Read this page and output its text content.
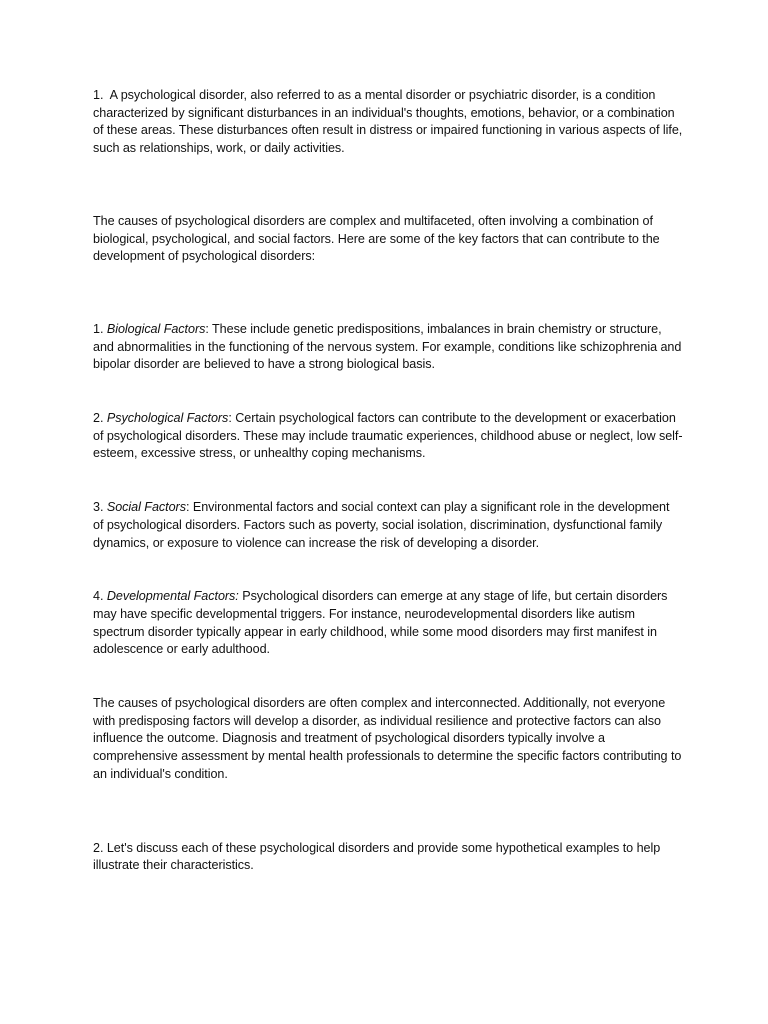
1. A psychological disorder, also referred to as a mental disorder or psychiatric disorder, is a condition characterized by significant disturbances in an individual's thoughts, emotions, behavior, or a combination of these areas. These disturbances often result in distress or impaired functioning in various aspects of life, such as relationships, work, or daily activities.

The causes of psychological disorders are complex and multifaceted, often involving a combination of biological, psychological, and social factors. Here are some of the key factors that can contribute to the development of psychological disorders:

1. Biological Factors: These include genetic predispositions, imbalances in brain chemistry or structure, and abnormalities in the functioning of the nervous system. For example, conditions like schizophrenia and bipolar disorder are believed to have a strong biological basis.

2. Psychological Factors: Certain psychological factors can contribute to the development or exacerbation of psychological disorders. These may include traumatic experiences, childhood abuse or neglect, low self-esteem, excessive stress, or unhealthy coping mechanisms.

3. Social Factors: Environmental factors and social context can play a significant role in the development of psychological disorders. Factors such as poverty, social isolation, discrimination, dysfunctional family dynamics, or exposure to violence can increase the risk of developing a disorder.

4. Developmental Factors: Psychological disorders can emerge at any stage of life, but certain disorders may have specific developmental triggers. For instance, neurodevelopmental disorders like autism spectrum disorder typically appear in early childhood, while some mood disorders may first manifest in adolescence or early adulthood.

The causes of psychological disorders are often complex and interconnected. Additionally, not everyone with predisposing factors will develop a disorder, as individual resilience and protective factors can also influence the outcome. Diagnosis and treatment of psychological disorders typically involve a comprehensive assessment by mental health professionals to determine the specific factors contributing to an individual's condition.

2. Let's discuss each of these psychological disorders and provide some hypothetical examples to help illustrate their characteristics.
